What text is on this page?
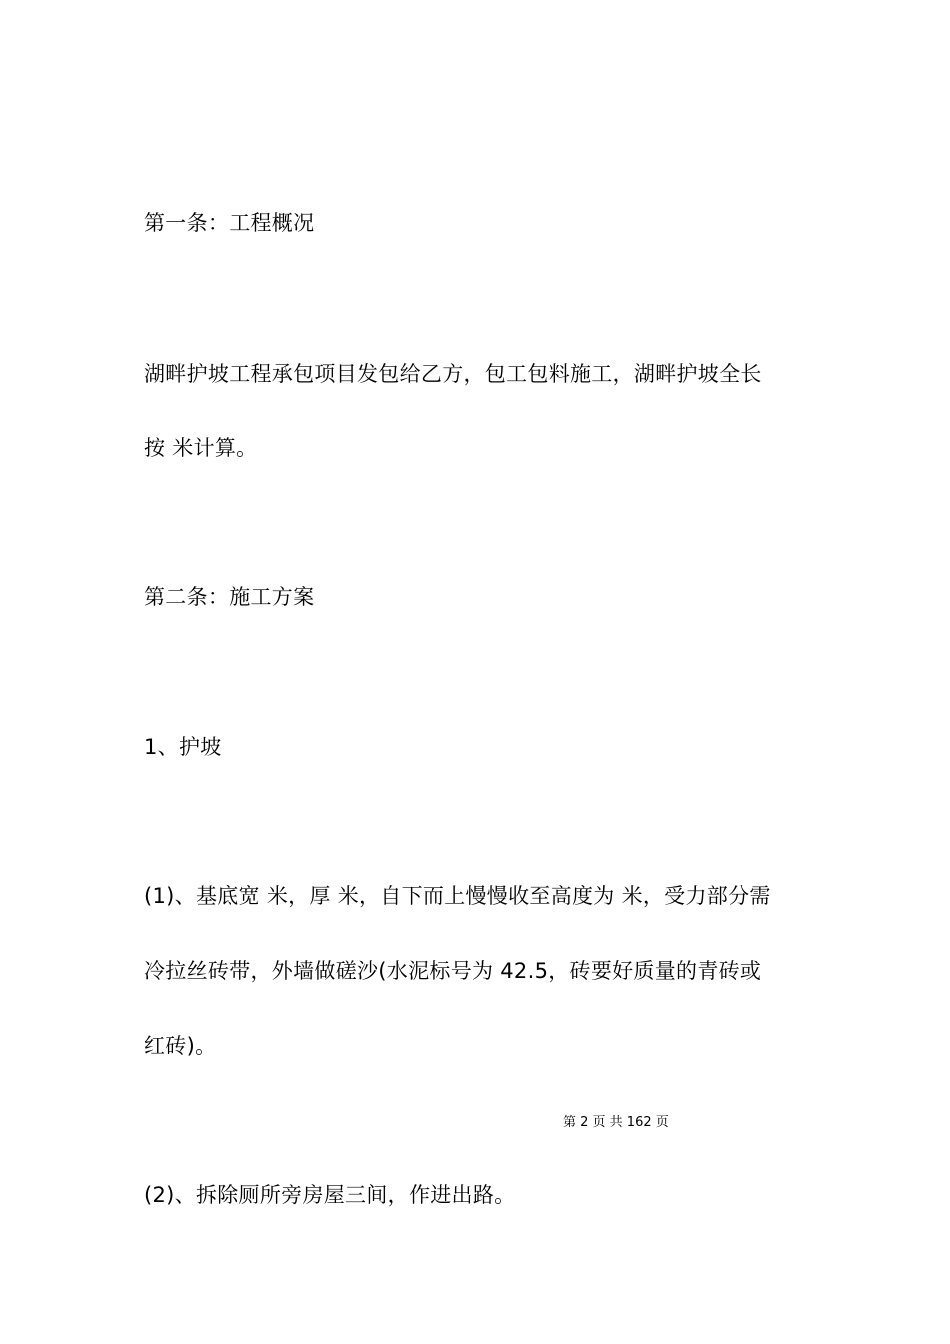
第一条：工程概况
湖畔护坡工程承包项目发包给乙方，包工包料施工，湖畔护坡全长
按 米计算。
第二条：施工方案
1、护坡
(1)、基底宽 米，厚 米，自下而上慢慢收至高度为 米，受力部分需
冷拉丝砖带，外墙做磋沙(水泥标号为 42.5，砖要好质量的青砖或
红砖)。
第 2 页 共 162 页
(2)、拆除厕所旁房屋三间，作进出路。
